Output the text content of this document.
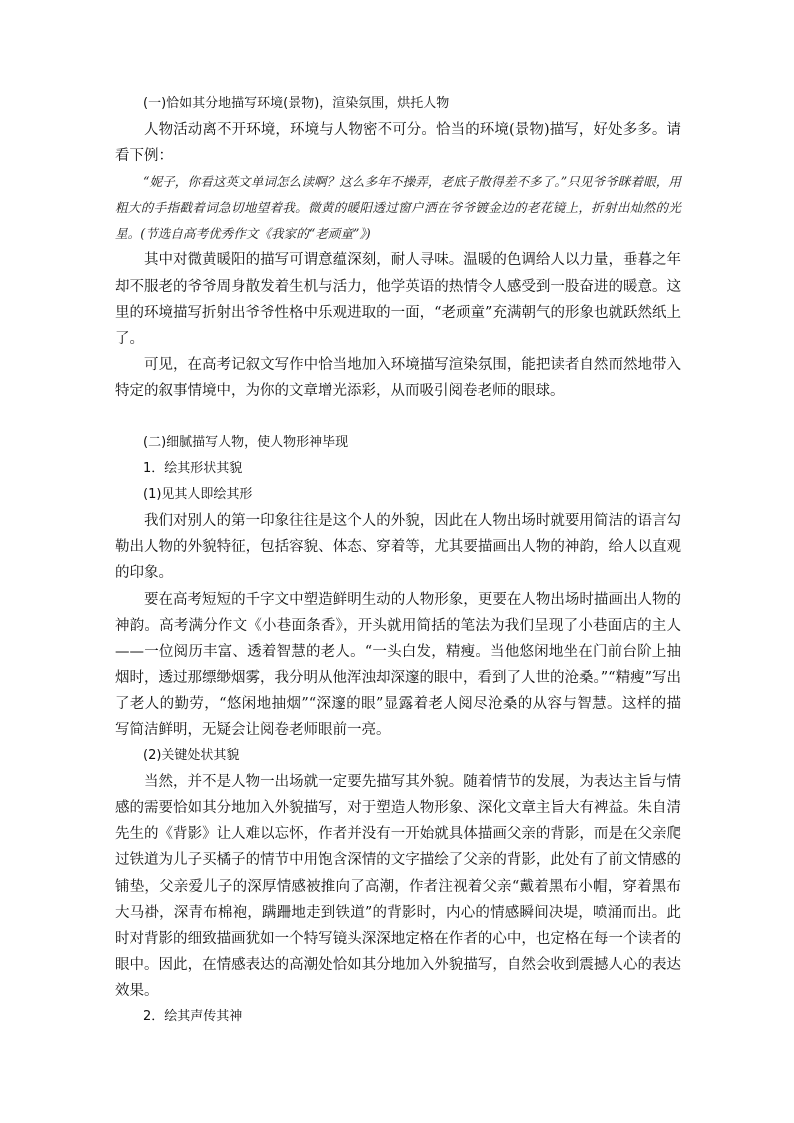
(一)恰如其分地描写环境(景物)，渲染氛围，烘托人物

人物活动离不开环境，环境与人物密不可分。恰当的环境(景物)描写，好处多多。请看下例：

“妮子，你看这英文单词怎么读啊？这么多年不操弄，老底子散得差不多了。”只见爷爷眯着眼，用粗大的手指戳着词急切地望着我。微黄的暖阳透过窗户洒在爷爷镀金边的老花镜上，折射出灿然的光星。(节选自高考优秀作文《我家的“老顽童”》)

其中对微黄暖阳的描写可谓意蕴深刻，耐人寻味。温暖的色调给人以力量，垂暮之年却不服老的爷爷周身散发着生机与活力，他学英语的热情令人感受到一股奋进的暖意。这里的环境描写折射出爷爷性格中乐观进取的一面，“老顽童”充满朝气的形象也就跃然纸上了。

可见，在高考记叙文写作中恰当地加入环境描写渲染氛围，能把读者自然而然地带入特定的叙事情境中，为你的文章增光添彩，从而吸引阅卷老师的眼球。

(二)细腻描写人物，使人物形神毕现
1．绘其形状其貌
(1)见其人即绘其形

我们对别人的第一印象往往是这个人的外貌，因此在人物出场时就要用简洁的语言勾勒出人物的外貌特征，包括容貌、体态、穿着等，尤其要描画出人物的神韵，给人以直观的印象。

要在高考短短的千字文中塑造鲜明生动的人物形象，更要在人物出场时描画出人物的神韵。高考满分作文《小巷面条香》，开头就用简括的笔法为我们呈现了小巷面店的主人——一位阅历丰富、透着智慧的老人。“一头白发，精瘦。当他悠闲地坐在门前台阶上抽烟时，透过那缥缈烟雾，我分明从他浑浊却深邃的眼中，看到了人世的沧桑。”“精瘦”写出了老人的勤劳，“悠闲地抽烟”“深邃的眼”显露着老人阅尽沧桑的从容与智慧。这样的描写简洁鲜明，无疑会让阅卷老师眼前一亮。

(2)关键处状其貌

当然，并不是人物一出场就一定要先描写其外貌。随着情节的发展，为表达主旨与情感的需要恰如其分地加入外貌描写，对于塑造人物形象、深化文章主旨大有裨益。朱自清先生的《背影》让人难以忘怀，作者并没有一开始就具体描画父亲的背影，而是在父亲爬过铁道为儿子买橘子的情节中用饱含深情的文字描绘了父亲的背影，此处有了前文情感的铺垫，父亲爱儿子的深厚情感被推向了高潮，作者注视着父亲“戴着黑布小帽，穿着黑布大马褂，深青布棉袍，蹒跚地走到铁道”的背影时，内心的情感瞬间决堤，喷涌而出。此时对背影的细致描画犹如一个特写镜头深深地定格在作者的心中，也定格在每一个读者的眼中。因此，在情感表达的高潮处恰如其分地加入外貌描写，自然会收到震撼人心的表达效果。

2．绘其声传其神
